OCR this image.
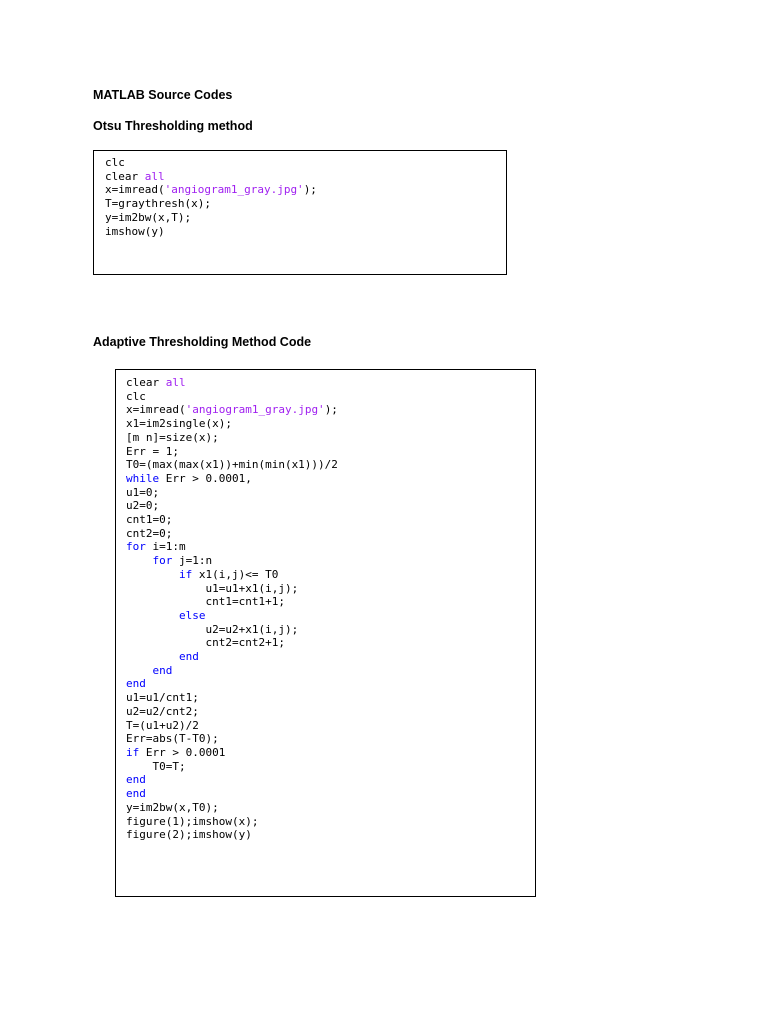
MATLAB Source Codes
Otsu Thresholding method
clc
clear all
x=imread('angiogram1_gray.jpg');
T=graythresh(x);
y=im2bw(x,T);
imshow(y)
Adaptive Thresholding Method Code
clear all
clc
x=imread('angiogram1_gray.jpg');
x1=im2single(x);
[m n]=size(x);
Err = 1;
T0=(max(max(x1))+min(min(x1)))/2
while Err > 0.0001,
u1=0;
u2=0;
cnt1=0;
cnt2=0;
for i=1:m
for j=1:n
if x1(i,j)<= T0
u1=u1+x1(i,j);
cnt1=cnt1+1;
else
u2=u2+x1(i,j);
cnt2=cnt2+1;
end
end
end
u1=u1/cnt1;
u2=u2/cnt2;
T=(u1+u2)/2
Err=abs(T-T0);
if Err > 0.0001
T0=T;
end
end
y=im2bw(x,T0);
figure(1);imshow(x);
figure(2);imshow(y)
